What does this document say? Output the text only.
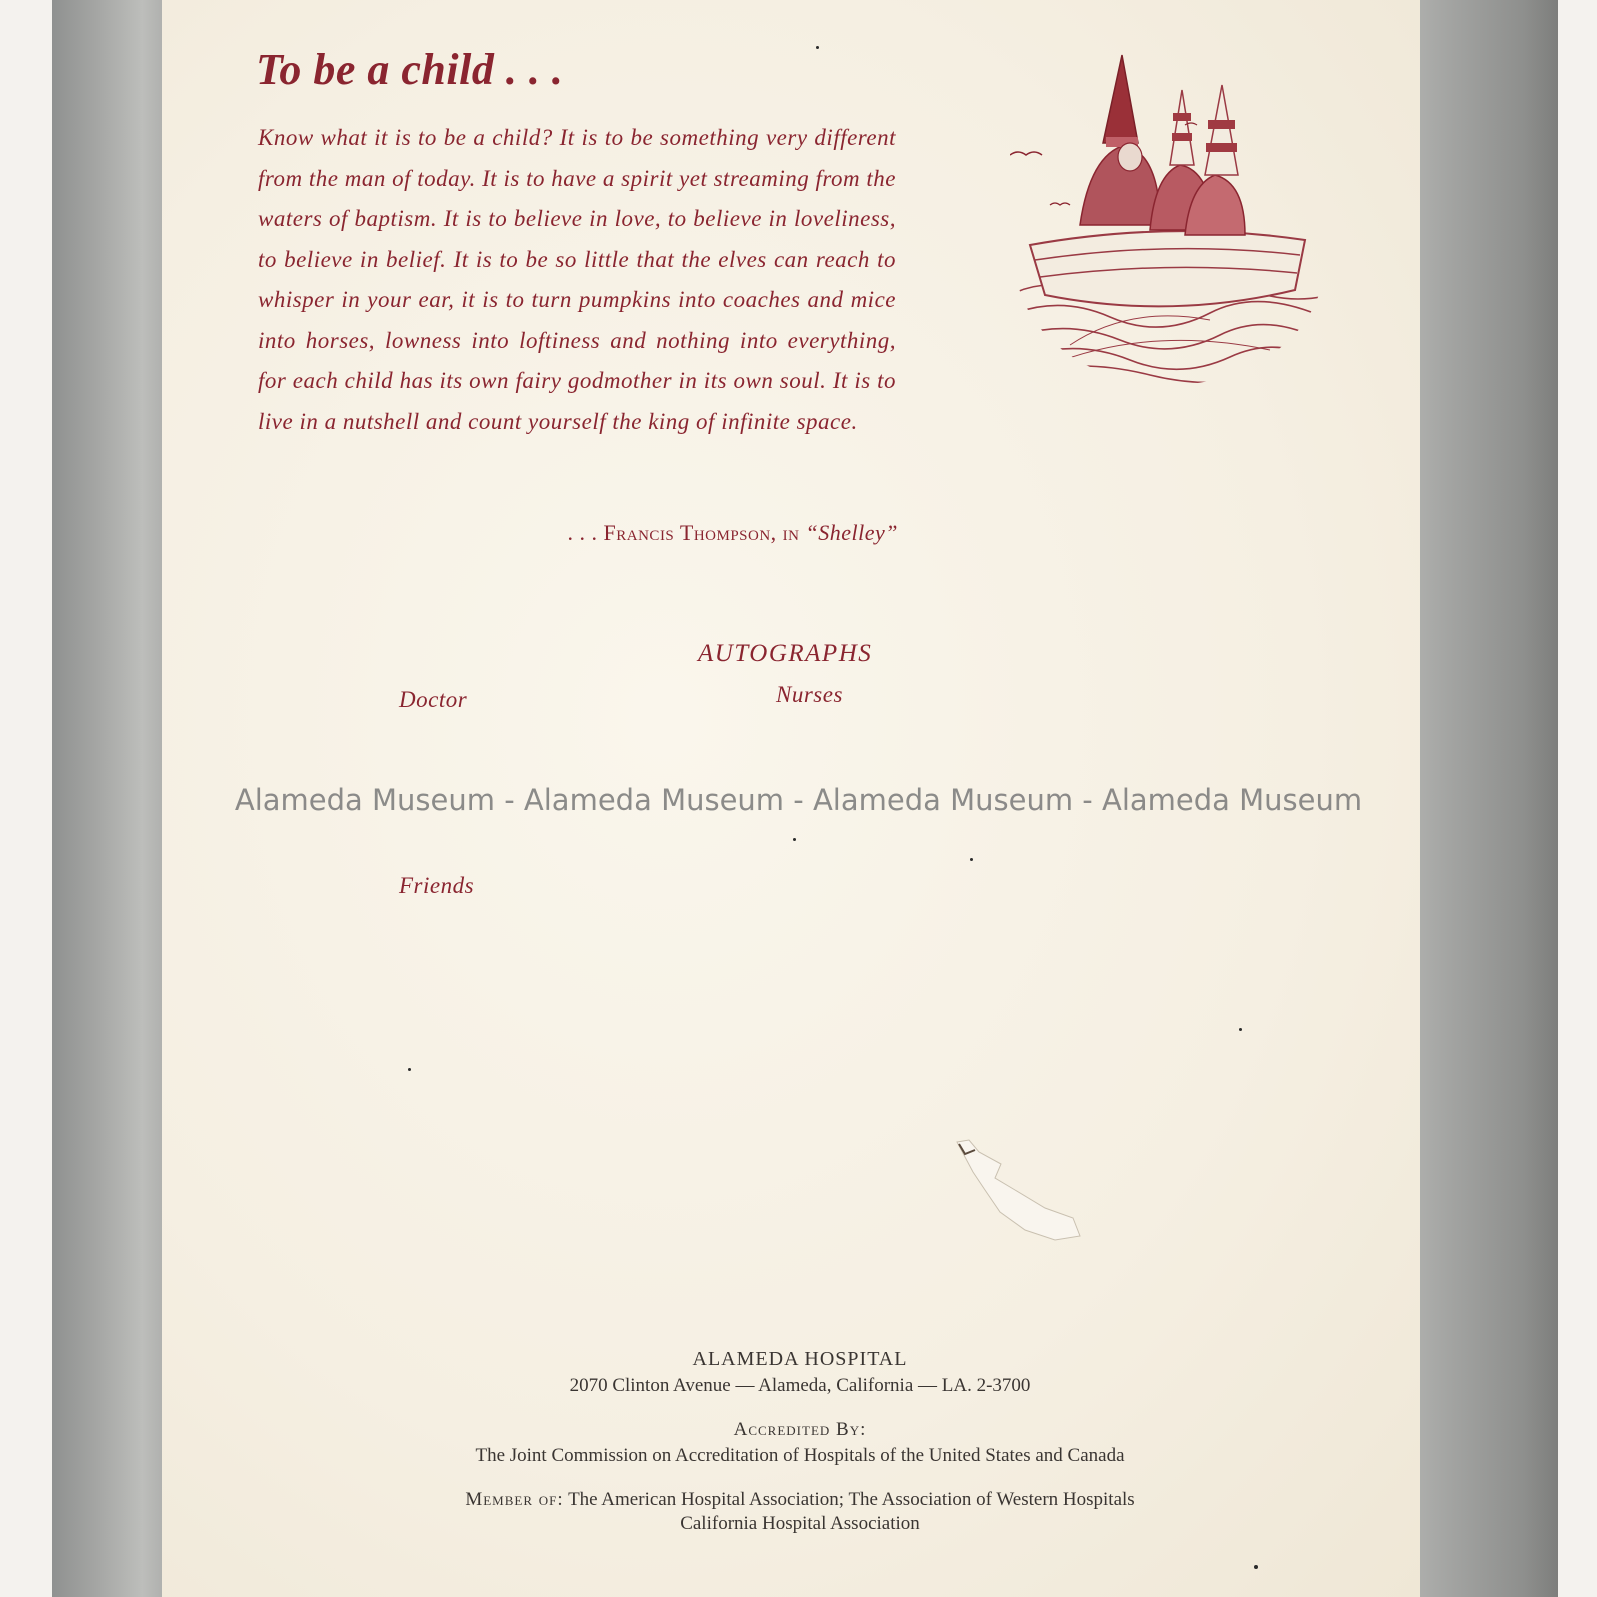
To be a child . . .
Know what it is to be a child? It is to be something very different from the man of today. It is to have a spirit yet streaming from the waters of baptism. It is to believe in love, to believe in loveliness, to believe in belief. It is to be so little that the elves can reach to whisper in your ear, it is to turn pumpkins into coaches and mice into horses, lowness into loftiness and nothing into everything, for each child has its own fairy godmother in its own soul. It is to live in a nutshell and count yourself the king of infinite space.
. . . Francis Thompson, in “Shelley”
AUTOGRAPHS
Doctor	Nurses
Friends
Alameda Museum - Alameda Museum - Alameda Museum - Alameda Museum
ALAMEDA HOSPITAL
2070 Clinton Avenue — Alameda, California — LA. 2-3700
Accredited By:
The Joint Commission on Accreditation of Hospitals of the United States and Canada
Member of: The American Hospital Association; The Association of Western Hospitals
California Hospital Association
